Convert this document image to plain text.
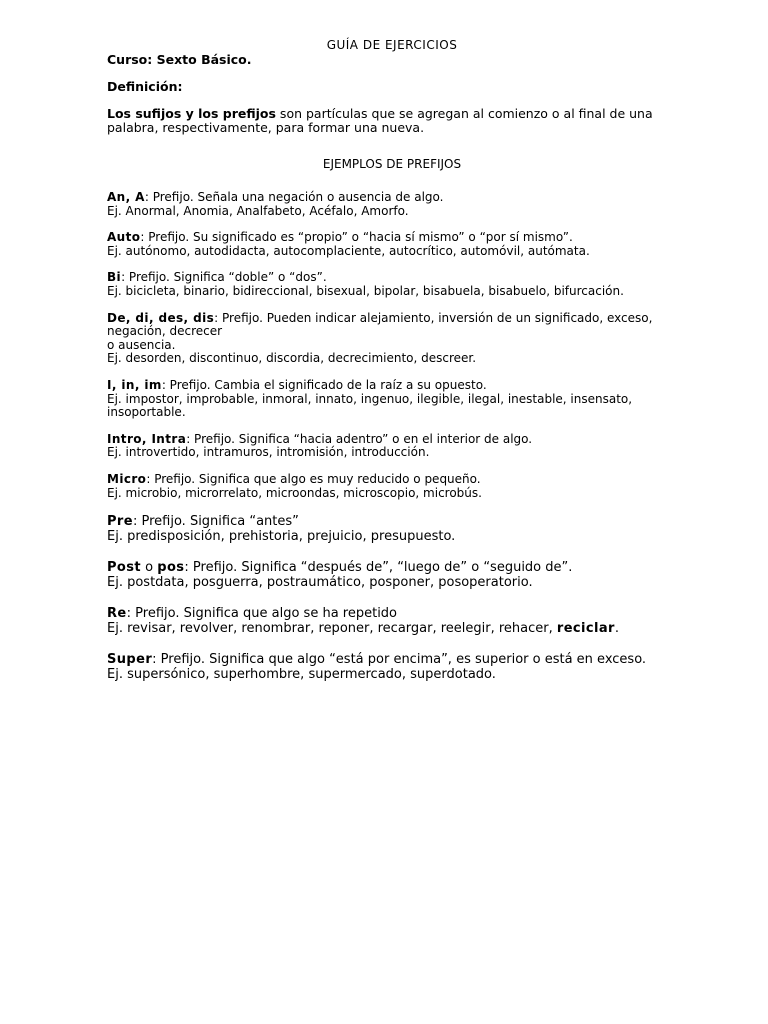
GUÍA DE EJERCICIOS

Curso: Sexto Básico.

Definición:

Los sufijos y los prefijos son partículas que se agregan al comienzo o al final de una palabra, respectivamente, para formar una nueva.

EJEMPLOS DE PREFIJOS

An, A: Prefijo. Señala una negación o ausencia de algo.

Ej. Anormal, Anomia, Analfabeto, Acéfalo, Amorfo.

Auto: Prefijo. Su significado es “propio” o “hacia sí mismo” o “por sí mismo”.

Ej. autónomo, autodidacta, autocomplaciente, autocrítico, automóvil, autómata.

Bi: Prefijo. Significa “doble” o “dos”.

Ej. bicicleta, binario, bidireccional, bisexual, bipolar, bisabuela, bisabuelo, bifurcación.

De, di, des, dis: Prefijo. Pueden indicar alejamiento, inversión de un significado, exceso, negación, decrecer

o ausencia.

Ej. desorden, discontinuo, discordia, decrecimiento, descreer.

I, in, im: Prefijo. Cambia el significado de la raíz a su opuesto.

Ej. impostor, improbable, inmoral, innato, ingenuo, ilegible, ilegal, inestable, insensato, insoportable.

Intro, Intra: Prefijo. Significa “hacia adentro” o en el interior de algo.

Ej. introvertido, intramuros, intromisión, introducción.

Micro: Prefijo. Significa que algo es muy reducido o pequeño.

Ej. microbio, microrrelato, microondas, microscopio, microbús.

Pre: Prefijo. Significa “antes”

Ej. predisposición, prehistoria, prejuicio, presupuesto.

Post o pos: Prefijo. Significa “después de”, “luego de” o “seguido de”.

Ej. postdata, posguerra, postraumático, posponer, posoperatorio.

Re: Prefijo. Significa que algo se ha repetido

Ej. revisar, revolver, renombrar, reponer, recargar, reelegir, rehacer, reciclar.

Super: Prefijo. Significa que algo “está por encima”, es superior o está en exceso.

Ej. supersónico, superhombre, supermercado, superdotado.
